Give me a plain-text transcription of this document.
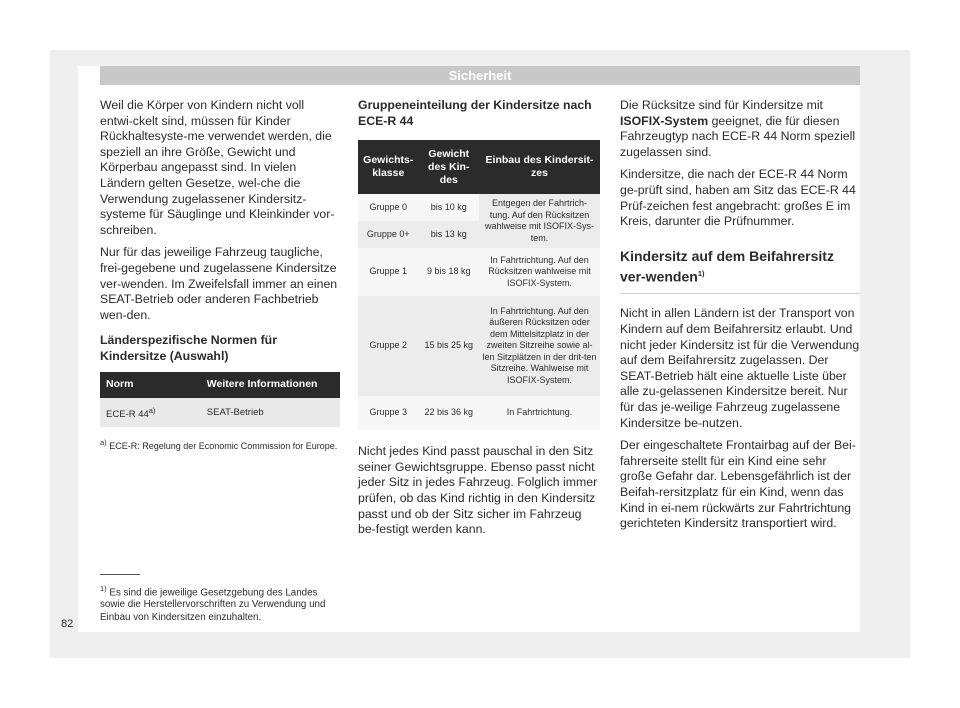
Sicherheit

Weil die Körper von Kindern nicht voll entwi-ckelt sind, müssen für Kinder Rückhaltesyste-me verwendet werden, die speziell an ihre Größe, Gewicht und Körperbau angepasst sind. In vielen Ländern gelten Gesetze, wel-che die Verwendung zugelassener Kindersitz-systeme für Säuglinge und Kleinkinder vor-schreiben.

Nur für das jeweilige Fahrzeug taugliche, frei-gegebene und zugelassene Kindersitze ver-wenden. Im Zweifelsfall immer an einen SEAT-Betrieb oder anderen Fachbetrieb wen-den.

Länderspezifische Normen für Kindersitze (Auswahl)

Norm	Weitere Informationen
ECE-R 44$^{a)}$	SEAT-Betrieb
$^{a)}$ ECE-R: Regelung der Economic Commission for Europe.

Gruppeneinteilung der Kindersitze nach ECE-R 44

Gewichts-klasse	Gewicht des Kin-des	Einbau des Kindersit-zes
Gruppe 0	bis 10 kg	Entgegen der Fahrtrich-tung. Auf den Rücksitzen wahlweise mit ISOFIX-Sys-tem.
Gruppe 0+	bis 13 kg	
Gruppe 1	9 bis 18 kg	In Fahrtrichtung. Auf den Rücksitzen wahlweise mit ISOFIX-System.
Gruppe 2	15 bis 25 kg	In Fahrtrichtung. Auf den äußeren Rücksitzen oder dem Mittelsitzplatz in der zweiten Sitzreihe sowie al-len Sitzplätzen in der drit-ten Sitzreihe. Wahlweise mit ISOFIX-System.
Gruppe 3	22 bis 36 kg	In Fahrtrichtung.

Nicht jedes Kind passt pauschal in den Sitz seiner Gewichtsgruppe. Ebenso passt nicht jeder Sitz in jedes Fahrzeug. Folglich immer prüfen, ob das Kind richtig in den Kindersitz passt und ob der Sitz sicher im Fahrzeug be-festigt werden kann.

Die Rücksitze sind für Kindersitze mit ISOFIX-System geeignet, die für diesen Fahrzeugtyp nach ECE-R 44 Norm speziell zugelassen sind.

Kindersitze, die nach der ECE-R 44 Norm ge-prüft sind, haben am Sitz das ECE-R 44 Prüf-zeichen fest angebracht: großes E im Kreis, darunter die Prüfnummer.

Kindersitz auf dem Beifahrersitz ver-wenden$^{1)}$

Nicht in allen Ländern ist der Transport von Kindern auf dem Beifahrersitz erlaubt. Und nicht jeder Kindersitz ist für die Verwendung auf dem Beifahrersitz zugelassen. Der SEAT-Betrieb hält eine aktuelle Liste über alle zu-gelassenen Kindersitze bereit. Nur für das je-weilige Fahrzeug zugelassene Kindersitze be-nutzen.

Der eingeschaltete Frontairbag auf der Bei-fahrerseite stellt für ein Kind eine sehr große Gefahr dar. Lebensgefährlich ist der Beifah-rersitzplatz für ein Kind, wenn das Kind in ei-nem rückwärts zur Fahrtrichtung gerichteten Kindersitz transportiert wird.

$^{1)}$ Es sind die jeweilige Gesetzgebung des Landes sowie die Herstellervorschriften zu Verwendung und Einbau von Kindersitzen einzuhalten.
82
